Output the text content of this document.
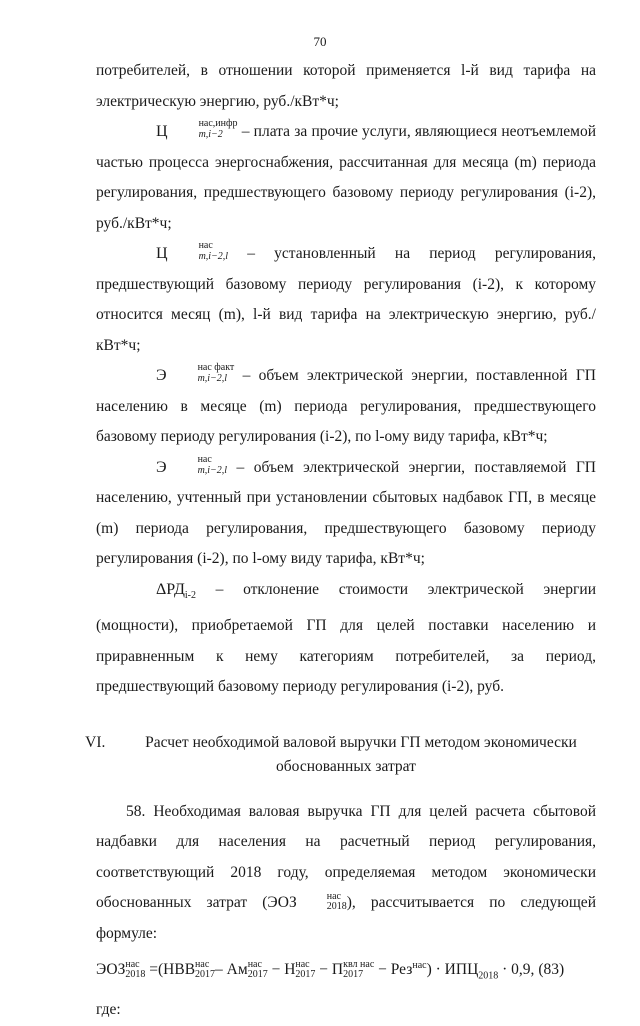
70

потребителей, в отношении которой применяется l-й вид тарифа на электрическую энергию, руб./кВт*ч;

Ц	нас,инфр
m,i−2 – плата за прочие услуги, являющиеся неотъемлемой частью процесса энергоснабжения, рассчитанная для месяца (m) периода регулирования, предшествующего базовому периоду регулирования (i-2), руб./кВт*ч;

Ц	нас
m,i−2,l – установленный на период регулирования, предшествующий базовому периоду регулирования (i-2), к которому относится месяц (m), l-й вид тарифа на электрическую энергию, руб./кВт*ч;

Э	нас факт
m,i−2,l – объем электрической энергии, поставленной ГП населению в месяце (m) периода регулирования, предшествующего базовому периоду регулирования (i-2), по l-ому виду тарифа, кВт*ч;

Э	нас
m,i−2,l – объем электрической энергии, поставляемой ГП населению, учтенный при установлении сбытовых надбавок ГП, в месяце (m) периода регулирования, предшествующего базовому периоду регулирования (i-2), по l-ому виду тарифа, кВт*ч;

$\Delta РД_{i-2}$ – отклонение стоимости электрической энергии (мощности), приобретаемой ГП для целей поставки населению и приравненным к нему категориям потребителей, за период, предшествующий базовому периоду регулирования (i-2), руб.

VI.	Расчет необходимой валовой выручки ГП методом экономически
обоснованных затрат

58. Необходимая валовая выручка ГП для целей расчета сбытовой надбавки для населения на расчетный период регулирования, соответствующий 2018 году, определяемая методом экономически обоснованных затрат (ЭОЗ	нас
2018 ), рассчитывается по следующей формуле:

ЭОЗ нас
2018 =(НВВ нас
2017 – Ам нас
2017 − Н нас
2017 − П квл нас
$2017 - Рез^{нас}) \cdot ИПЦ_{2018} \cdot 0,9$, (83)
где:
